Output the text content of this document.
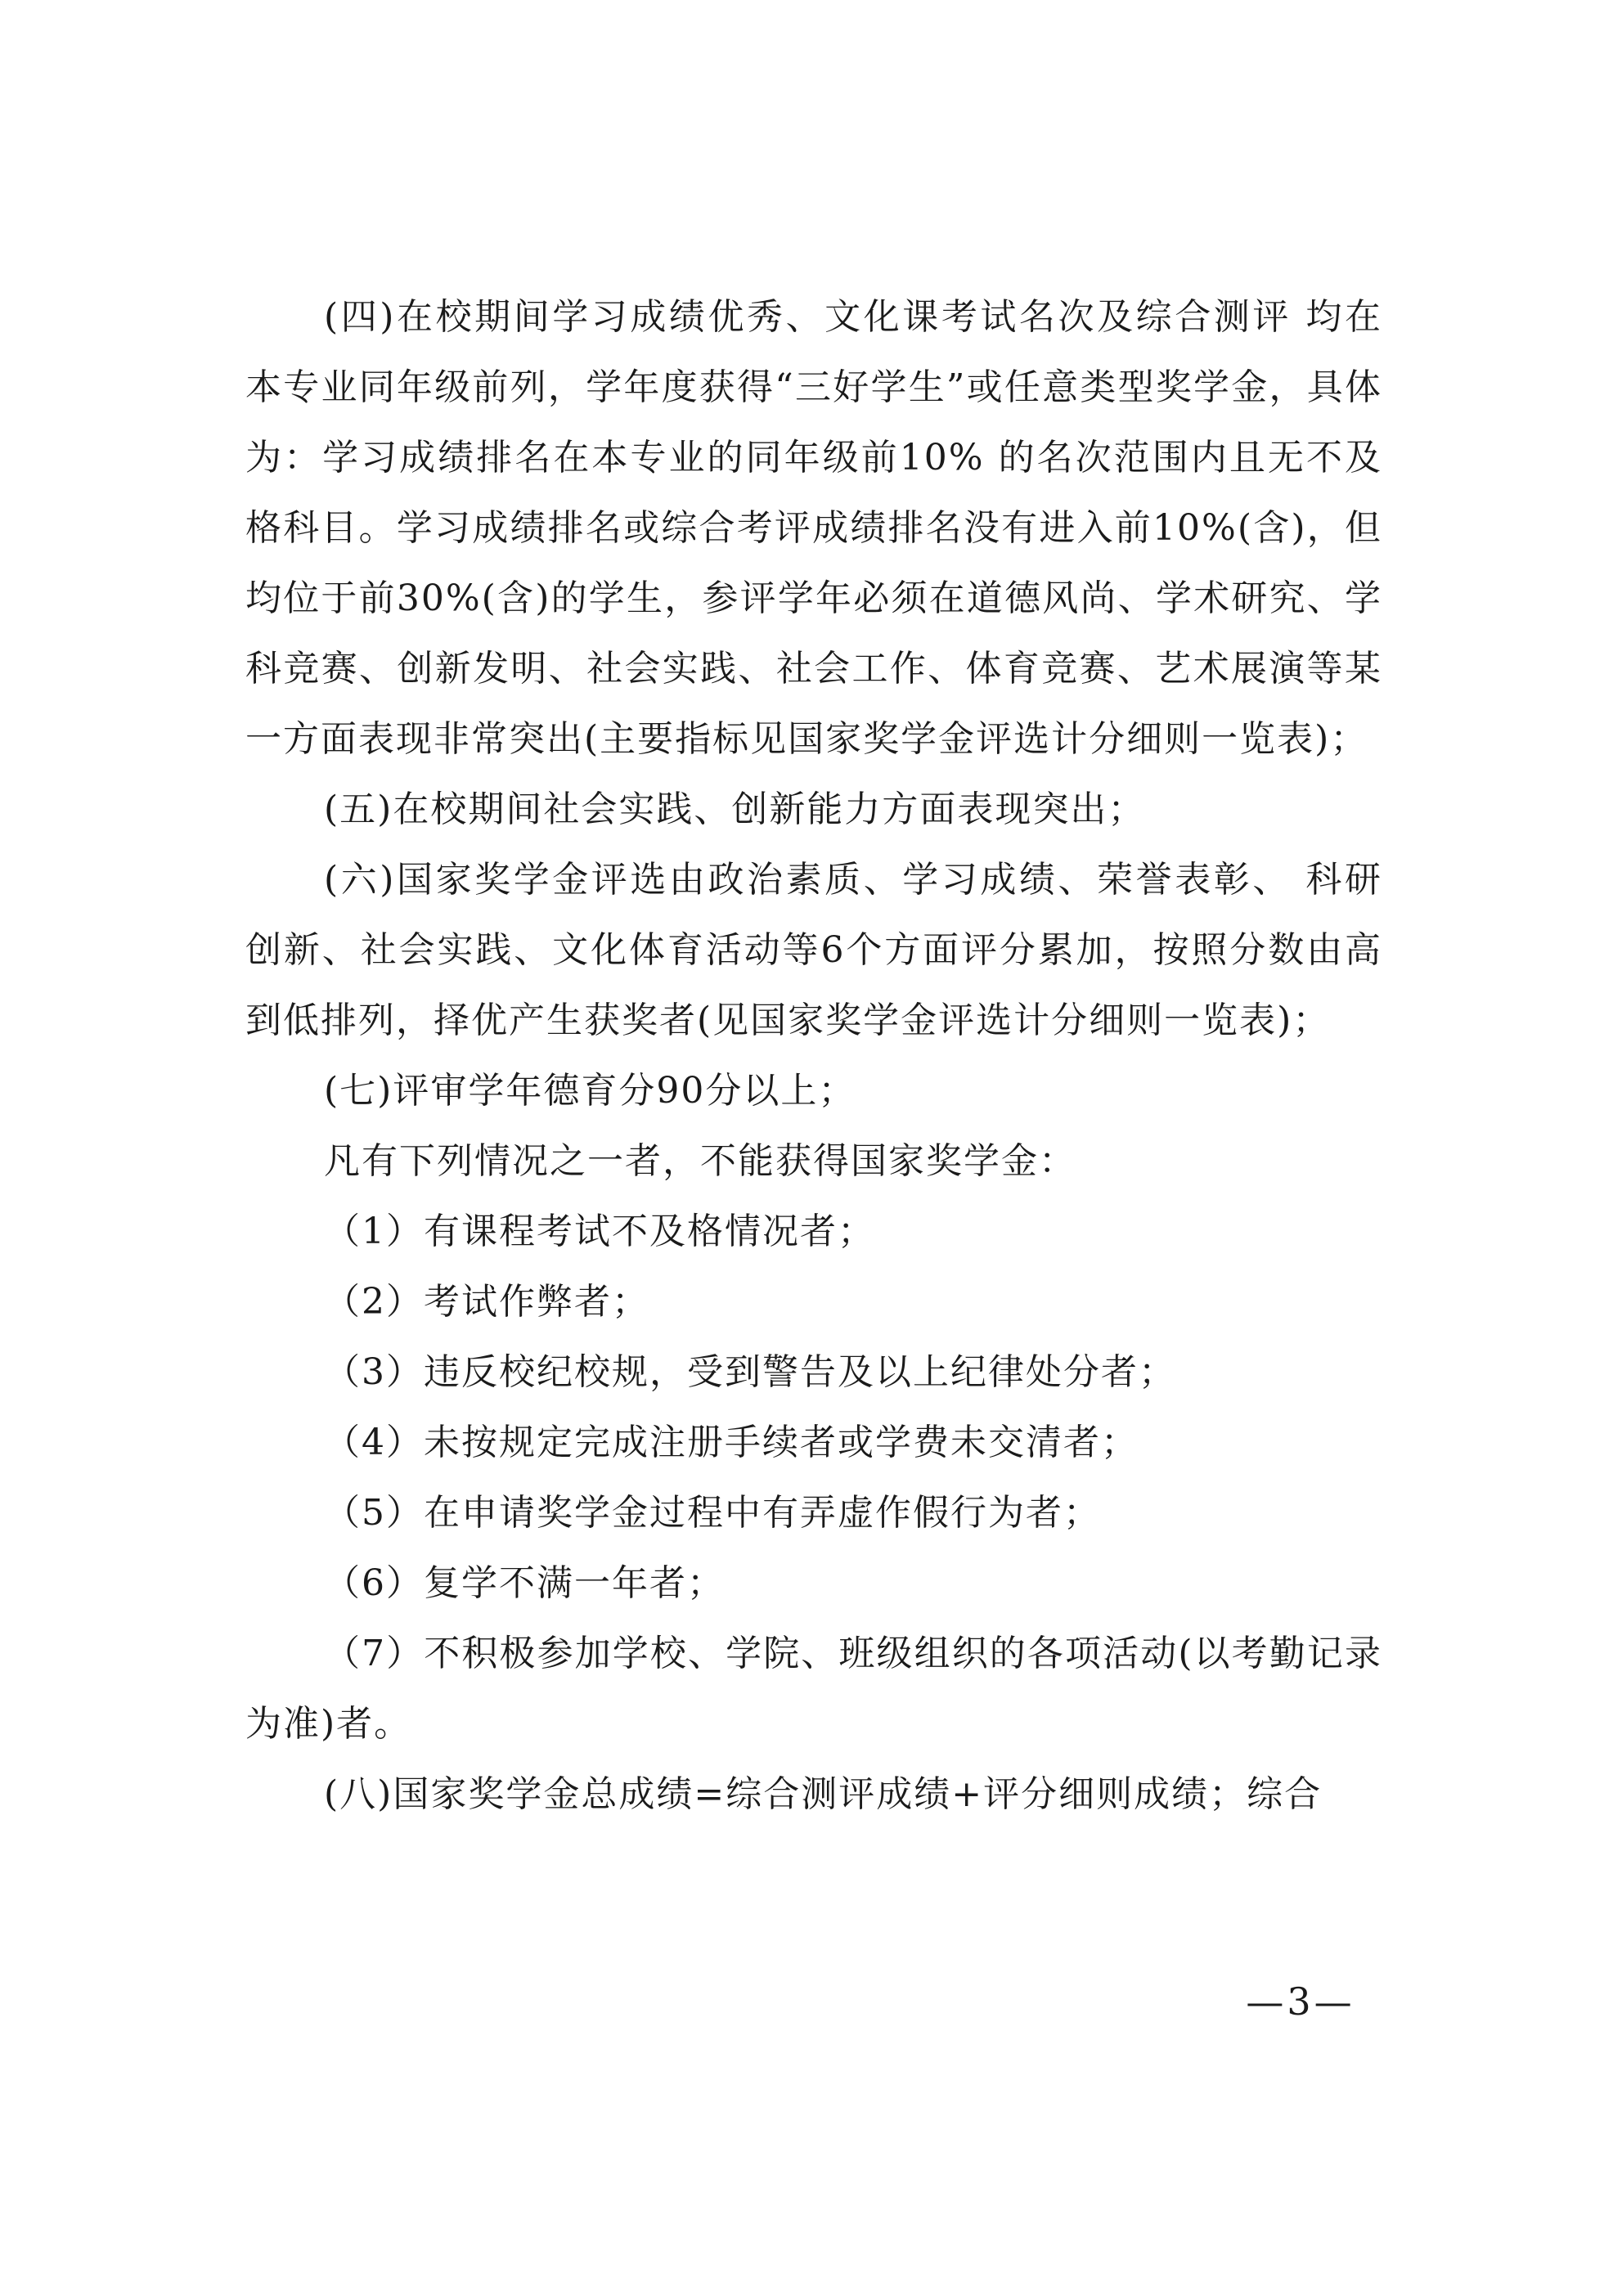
(四)在校期间学习成绩优秀、文化课考试名次及综合测评 均在本专业同年级前列，学年度获得“三好学生”或任意类型奖学金，具体为：学习成绩排名在本专业的同年级前10% 的名次范围内且无不及格科目。学习成绩排名或综合考评成绩排名没有进入前10%(含)，但均位于前30%(含)的学生，参评学年必须在道德风尚、学术研究、学科竞赛、创新发明、社会实践、社会工作、体育竞赛、艺术展演等某一方面表现非常突出(主要指标见国家奖学金评选计分细则一览表)；

(五)在校期间社会实践、创新能力方面表现突出；

(六)国家奖学金评选由政治素质、学习成绩、荣誉表彰、 科研创新、社会实践、文化体育活动等6个方面评分累加，按照分数由高到低排列，择优产生获奖者(见国家奖学金评选计分细则一览表)；

(七)评审学年德育分90分以上；

凡有下列情况之一者，不能获得国家奖学金：

（1）有课程考试不及格情况者；

（2）考试作弊者；

（3）违反校纪校规，受到警告及以上纪律处分者；

（4）未按规定完成注册手续者或学费未交清者；

（5）在申请奖学金过程中有弄虚作假行为者；

（6）复学不满一年者；

（7）不积极参加学校、学院、班级组织的各项活动(以考勤记录为准)者。

(八)国家奖学金总成绩=综合测评成绩+评分细则成绩；综合

—3—
